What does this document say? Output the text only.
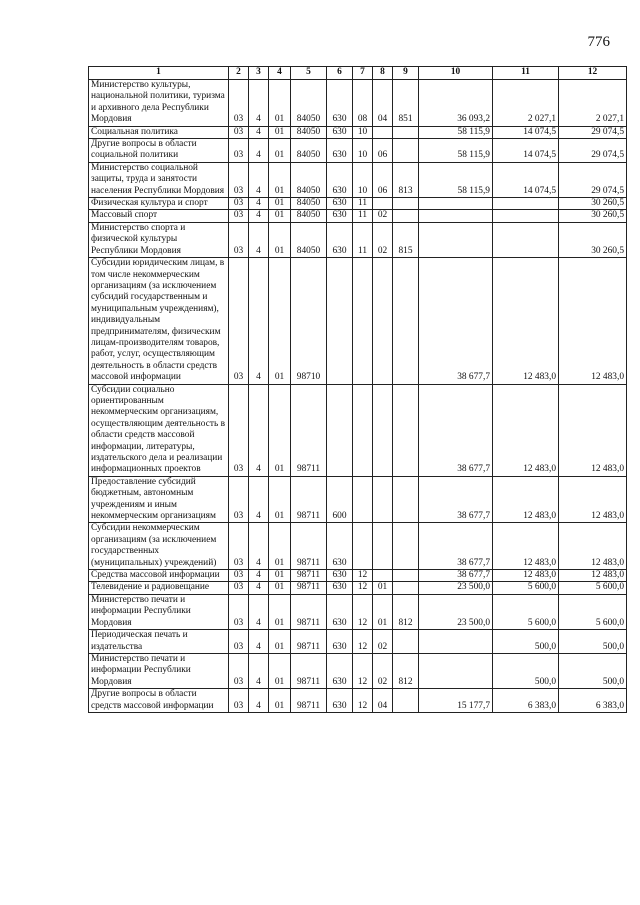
776
1	2	3	4	5	6	7	8	9	10	11	12
Министерство культуры, национальной политики, туризма и архивного дела Республики Мордовия	03	4	01	84050	630	08	04	851	36 093,2	2 027,1	2 027,1
Социальная политика	03	4	01	84050	630	10			58 115,9	14 074,5	29 074,5
Другие вопросы в области социальной политики	03	4	01	84050	630	10	06		58 115,9	14 074,5	29 074,5
Министерство социальной защиты, труда и занятости населения Республики Мордовия	03	4	01	84050	630	10	06	813	58 115,9	14 074,5	29 074,5
Физическая культура и спорт	03	4	01	84050	630	11					30 260,5
Массовый спорт	03	4	01	84050	630	11	02				30 260,5
Министерство спорта и физической культуры Республики Мордовия	03	4	01	84050	630	11	02	815			30 260,5
Субсидии юридическим лицам, в том числе некоммерческим организациям (за исключением субсидий государственным и муниципальным учреждениям), индивидуальным предпринимателям, физическим лицам-производителям товаров, работ, услуг, осуществляющим деятельность в области средств массовой информации	03	4	01	98710					38 677,7	12 483,0	12 483,0
Субсидии социально ориентированным некоммерческим организациям, осуществляющим деятельность в области средств массовой информации, литературы, издательского дела и реализации информационных проектов	03	4	01	98711					38 677,7	12 483,0	12 483,0
Предоставление субсидий бюджетным, автономным учреждениям и иным некоммерческим организациям	03	4	01	98711	600				38 677,7	12 483,0	12 483,0
Субсидии некоммерческим организациям (за исключением государственных (муниципальных) учреждений)	03	4	01	98711	630				38 677,7	12 483,0	12 483,0
Средства массовой информации	03	4	01	98711	630	12			38 677,7	12 483,0	12 483,0
Телевидение и радиовещание	03	4	01	98711	630	12	01		23 500,0	5 600,0	5 600,0
Министерство печати и информации Республики Мордовия	03	4	01	98711	630	12	01	812	23 500,0	5 600,0	5 600,0
Периодическая печать и издательства	03	4	01	98711	630	12	02			500,0	500,0
Министерство печати и информации Республики Мордовия	03	4	01	98711	630	12	02	812		500,0	500,0
Другие вопросы в области средств массовой информации	03	4	01	98711	630	12	04		15 177,7	6 383,0	6 383,0
